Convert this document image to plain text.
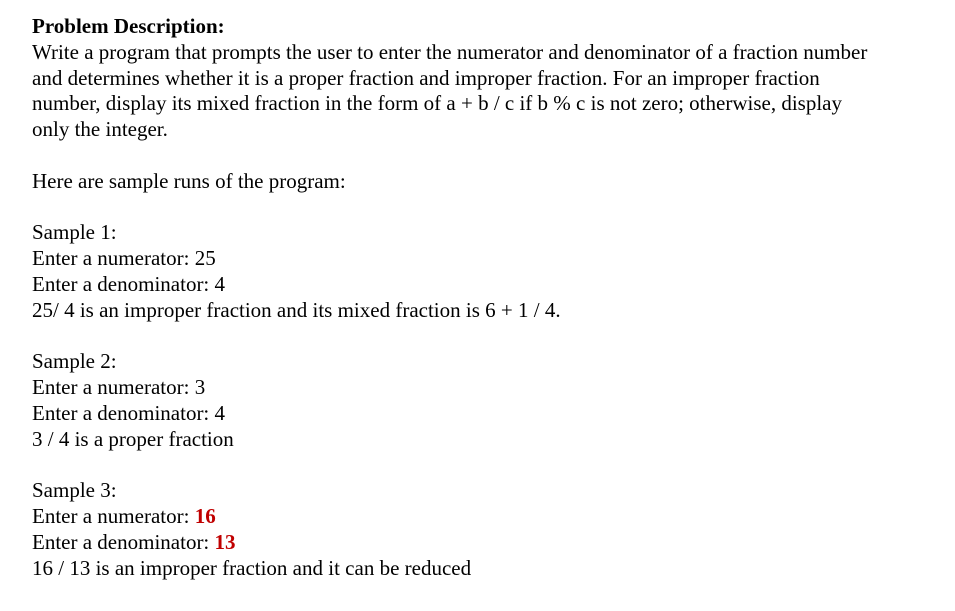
Problem Description:

Write a program that prompts the user to enter the numerator and denominator of a fraction number
and determines whether it is a proper fraction and improper fraction. For an improper fraction
number, display its mixed fraction in the form of a + b / c if b % c is not zero; otherwise, display
only the integer.

Here are sample runs of the program:

Sample 1:
Enter a numerator: 25
Enter a denominator: 4
25/ 4 is an improper fraction and its mixed fraction is 6 + 1 / 4.
Sample 2:
Enter a numerator: 3
Enter a denominator: 4
3 / 4 is a proper fraction
Sample 3:
Enter a numerator: 16
Enter a denominator: 13
16 / 13 is an improper fraction and it can be reduced
